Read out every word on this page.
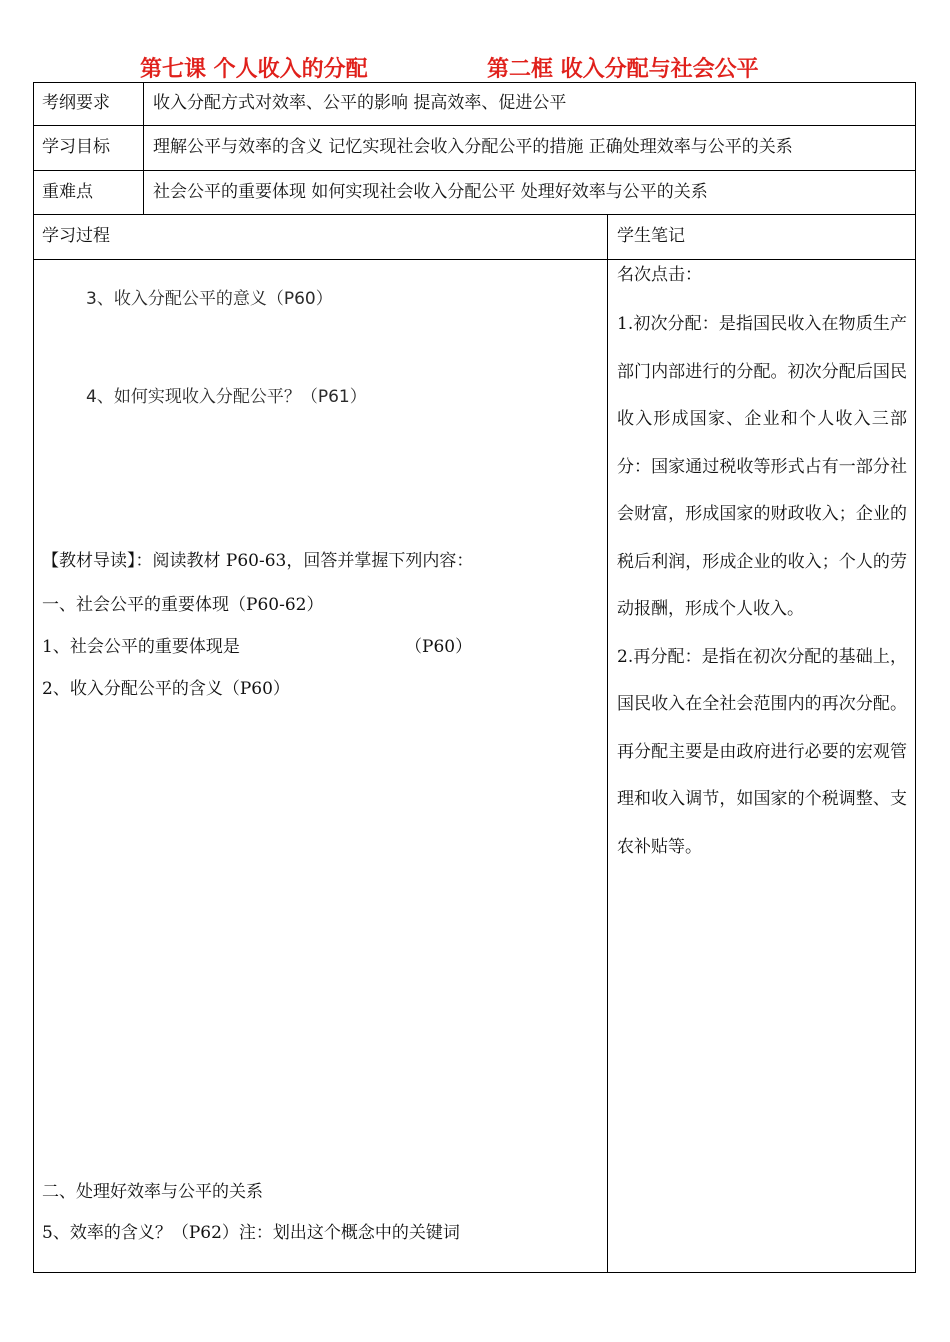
第七课 个人收入的分配	第二框 收入分配与社会公平
考纲要求	收入分配方式对效率、公平的影响 提高效率、促进公平
学习目标	理解公平与效率的含义 记忆实现社会收入分配公平的措施 正确处理效率与公平的关系
重难点	社会公平的重要体现 如何实现社会收入分配公平 处理好效率与公平的关系
学习过程	学生笔记
3、收入分配公平的意义（P60）
4、如何实现收入分配公平？（P61）
【教材导读】：阅读教材 P60-63，回答并掌握下列内容：
一、社会公平的重要体现（P60-62）
1、社会公平的重要体现是	（P60）
2、收入分配公平的含义（P60）
二、处理好效率与公平的关系
5、效率的含义？（P62）注：划出这个概念中的关键词

名次点击：

1.初次分配：是指国民收入在物质生产部门内部进行的分配。初次分配后国民收入形成国家、企业和个人收入三部分：国家通过税收等形式占有一部分社会财富，形成国家的财政收入；企业的税后利润，形成企业的收入；个人的劳动报酬，形成个人收入。

2.再分配：是指在初次分配的基础上，国民收入在全社会范围内的再次分配。再分配主要是由政府进行必要的宏观管理和收入调节，如国家的个税调整、支农补贴等。
